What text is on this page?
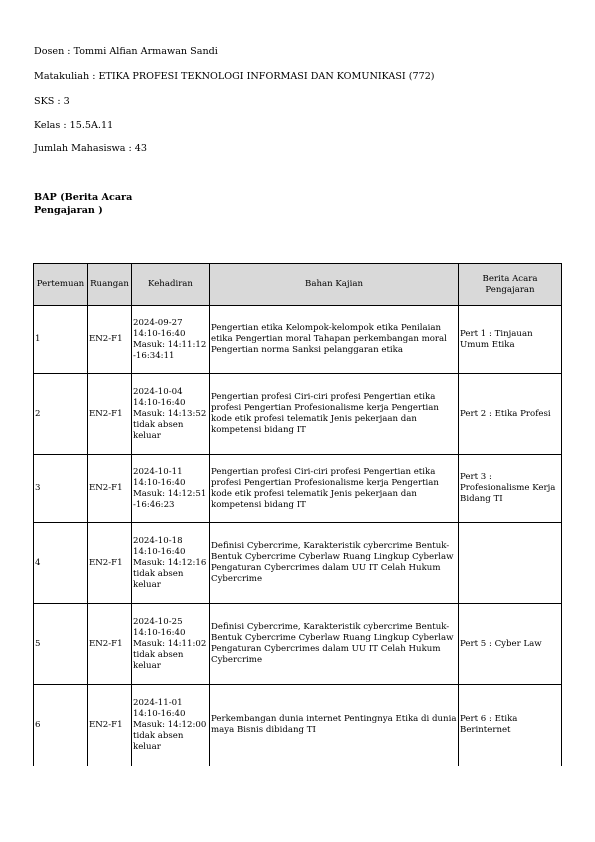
Dosen : Tommi Alfian Armawan Sandi
Matakuliah : ETIKA PROFESI TEKNOLOGI INFORMASI DAN KOMUNIKASI (772)
SKS : 3
Kelas : 15.5A.11
Jumlah Mahasiswa : 43
BAP (Berita Acara Pengajaran )
Pertemuan	Ruangan	Kehadiran	Bahan Kajian	Berita Acara Pengajaran
1	EN2-F1	2024-09-27
14:10-16:40
Masuk: 14:11:12
-16:34:11	Pengertian etika Kelompok-kelompok etika Penilaian etika Pengertian moral Tahapan perkembangan moral Pengertian norma Sanksi pelanggaran etika	Pert 1 : Tinjauan Umum Etika
2	EN2-F1	2024-10-04
14:10-16:40
Masuk: 14:13:52
tidak absen
keluar	Pengertian profesi Ciri-ciri profesi Pengertian etika profesi Pengertian Profesionalisme kerja Pengertian kode etik profesi telematik Jenis pekerjaan dan kompetensi bidang IT	Pert 2 : Etika Profesi
3	EN2-F1	2024-10-11
14:10-16:40
Masuk: 14:12:51
-16:46:23	Pengertian profesi Ciri-ciri profesi Pengertian etika profesi Pengertian Profesionalisme kerja Pengertian kode etik profesi telematik Jenis pekerjaan dan kompetensi bidang IT	Pert 3 : Profesionalisme Kerja Bidang TI
4	EN2-F1	2024-10-18
14:10-16:40
Masuk: 14:12:16
tidak absen
keluar	Definisi Cybercrime, Karakteristik cybercrime Bentuk-Bentuk Cybercrime Cyberlaw Ruang Lingkup Cyberlaw Pengaturan Cybercrimes dalam UU IT Celah Hukum Cybercrime	
5	EN2-F1	2024-10-25
14:10-16:40
Masuk: 14:11:02
tidak absen
keluar	Definisi Cybercrime, Karakteristik cybercrime Bentuk-Bentuk Cybercrime Cyberlaw Ruang Lingkup Cyberlaw Pengaturan Cybercrimes dalam UU IT Celah Hukum Cybercrime	Pert 5 : Cyber Law
6	EN2-F1	2024-11-01
14:10-16:40
Masuk: 14:12:00
tidak absen
keluar	Perkembangan dunia internet Pentingnya Etika di dunia maya Bisnis dibidang TI	Pert 6 : Etika Berinternet
